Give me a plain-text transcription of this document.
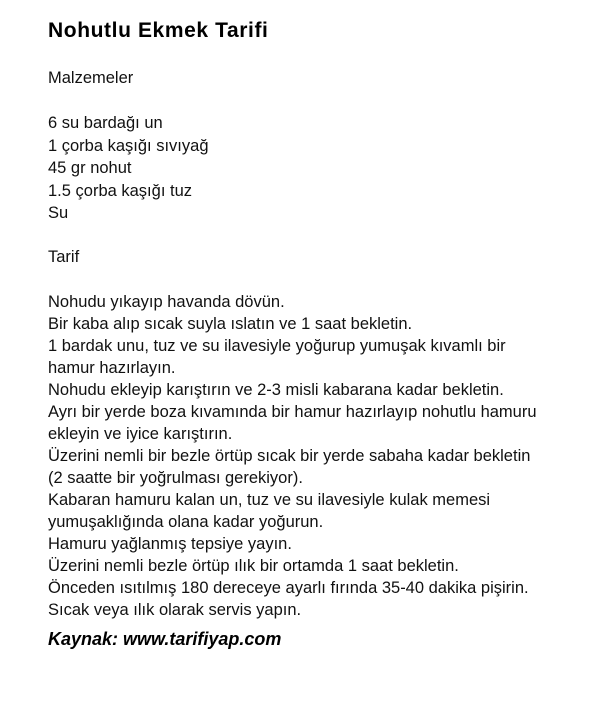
Nohutlu Ekmek Tarifi
Malzemeler
6 su bardağı un
1 çorba kaşığı sıvıyağ
45 gr nohut
1.5 çorba kaşığı tuz
Su
Tarif
Nohudu yıkayıp havanda dövün.
Bir kaba alıp sıcak suyla ıslatın ve 1 saat bekletin.
1 bardak unu, tuz ve su ilavesiyle yoğurup yumuşak kıvamlı bir hamur hazırlayın.
Nohudu ekleyip karıştırın ve 2-3 misli kabarana kadar bekletin.
Ayrı bir yerde boza kıvamında bir hamur hazırlayıp nohutlu hamuru ekleyin ve iyice karıştırın.
Üzerini nemli bir bezle örtüp sıcak bir yerde sabaha kadar bekletin (2 saatte bir yoğrulması gerekiyor).
Kabaran hamuru kalan un, tuz ve su ilavesiyle kulak memesi yumuşaklığında olana kadar yoğurun.
Hamuru yağlanmış tepsiye yayın.
Üzerini nemli bezle örtüp ılık bir ortamda 1 saat bekletin.
Önceden ısıtılmış 180 dereceye ayarlı fırında 35-40 dakika pişirin.
Sıcak veya ılık olarak servis yapın.
Kaynak: www.tarifiyap.com
